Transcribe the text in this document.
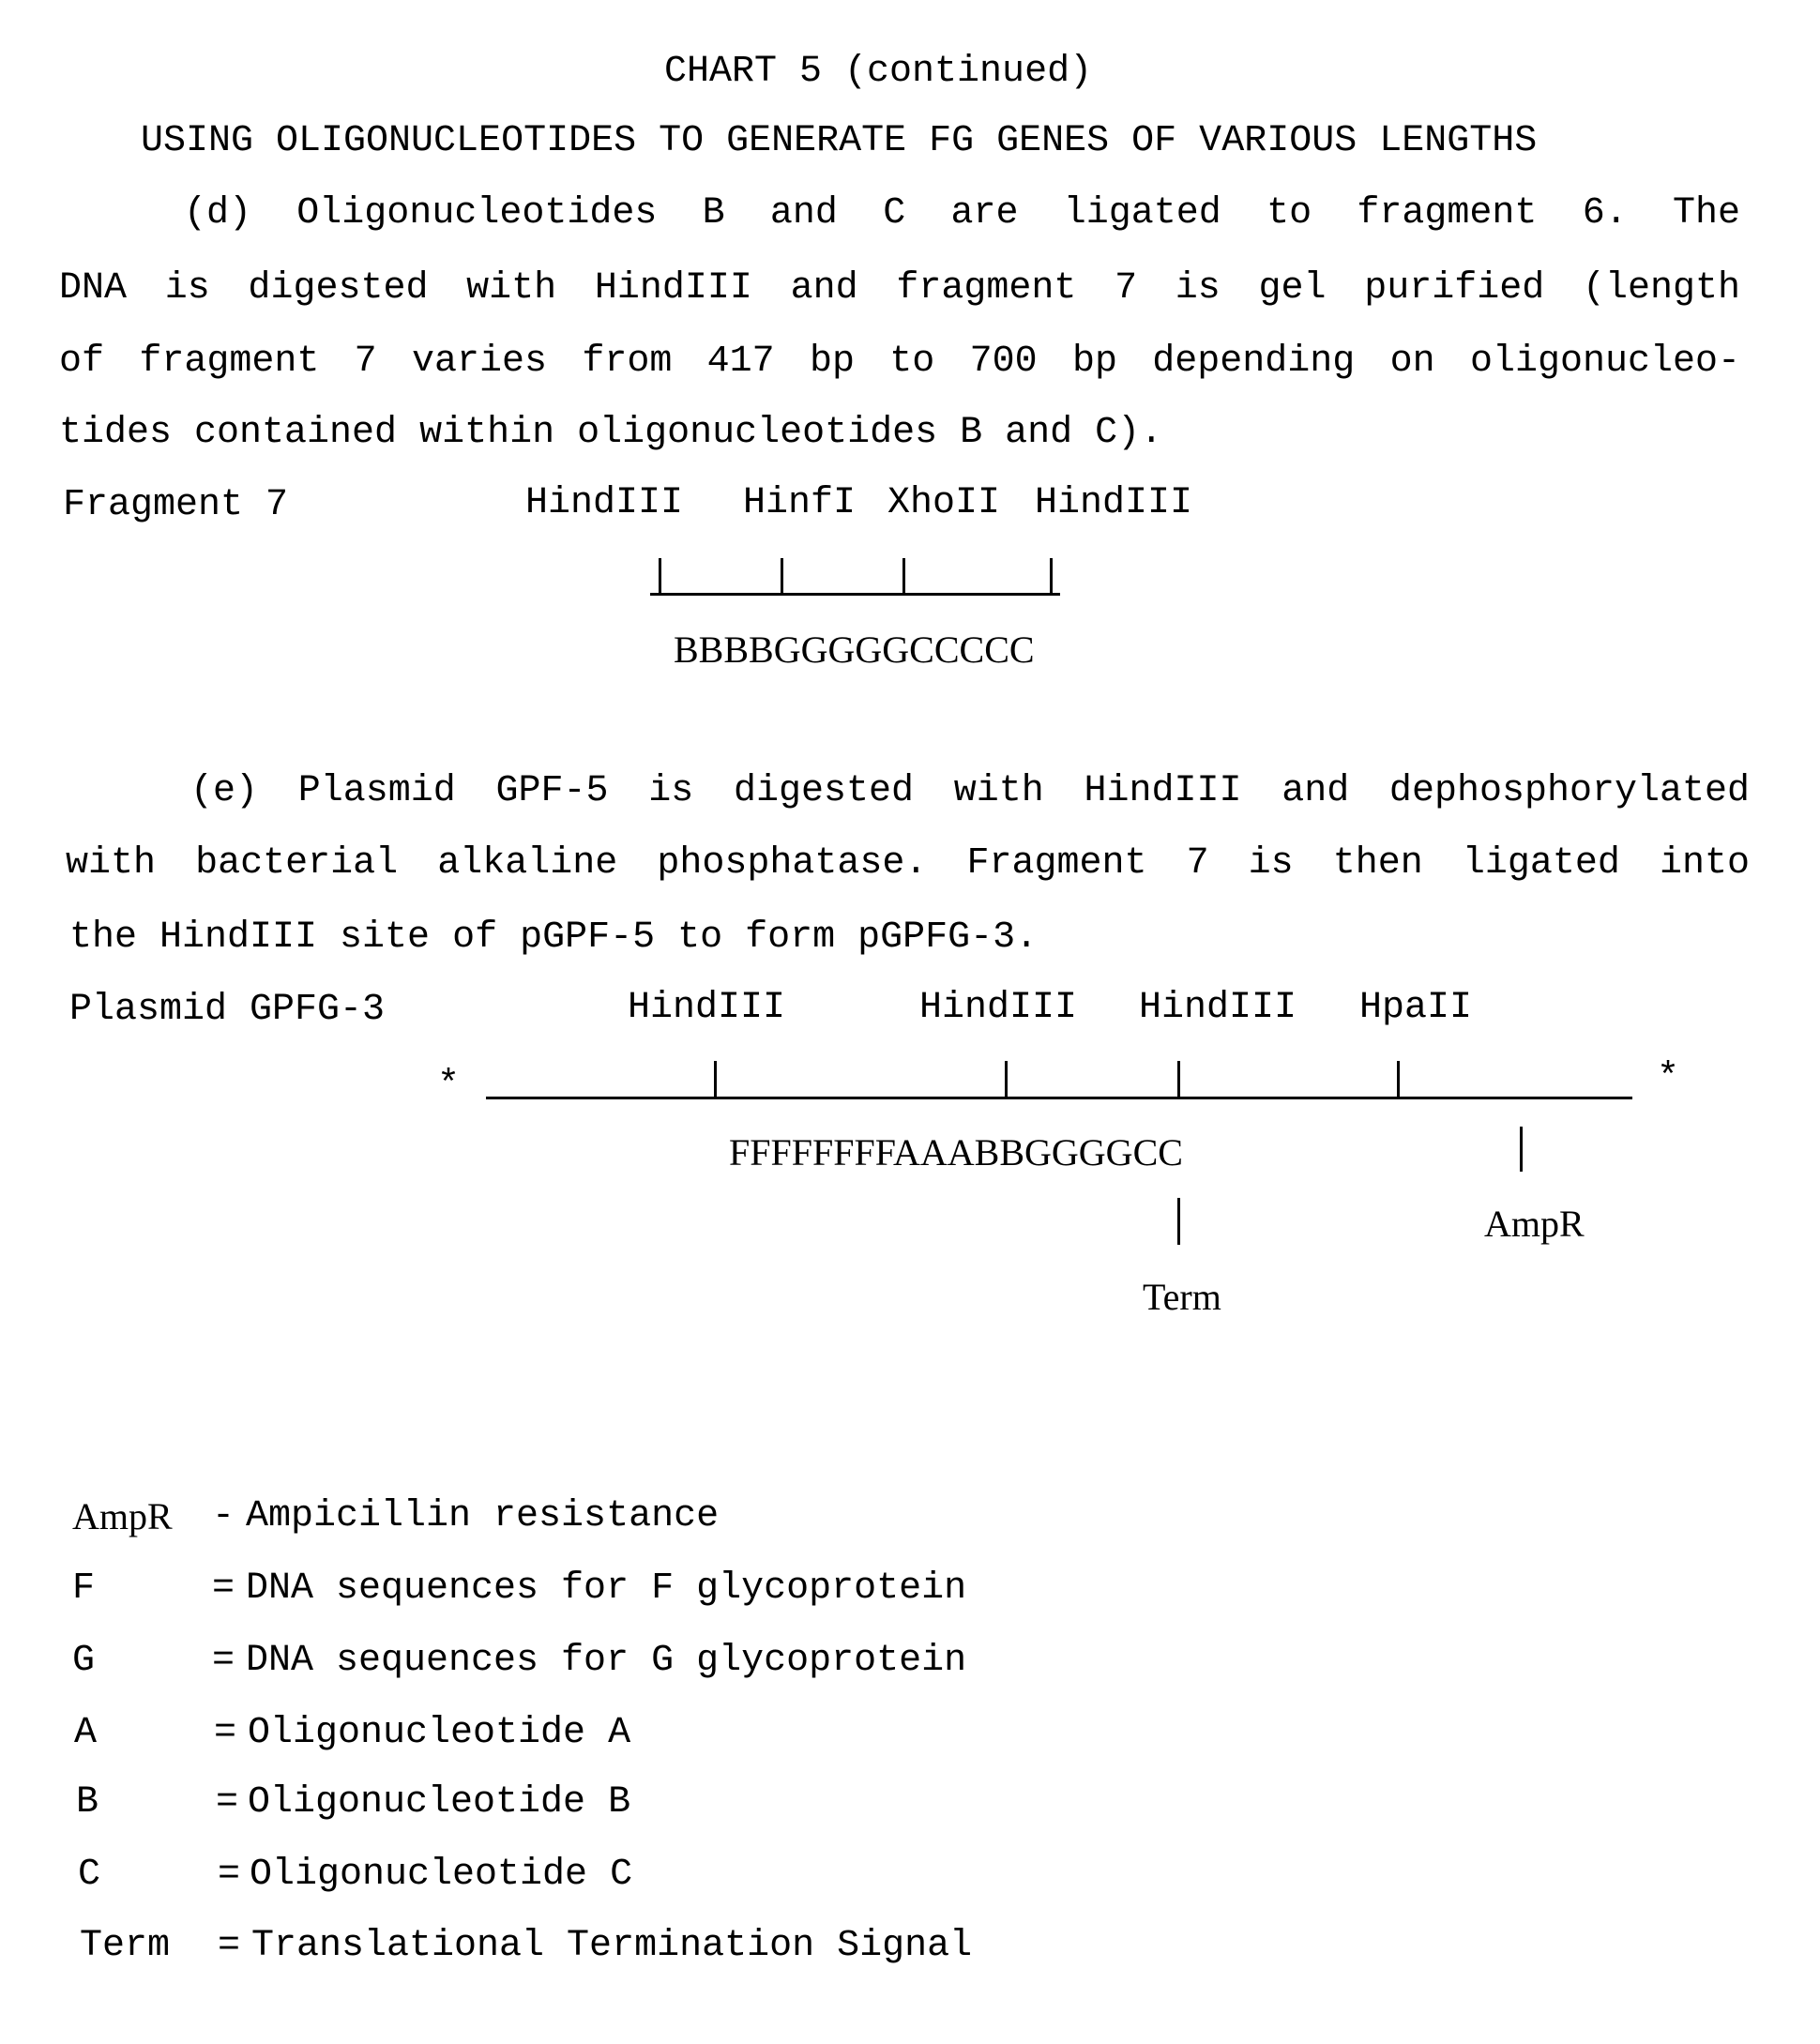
CHART 5 (continued)
USING OLIGONUCLEOTIDES TO GENERATE FG GENES OF VARIOUS LENGTHS
(d) Oligonucleotides B and C are ligated to fragment 6. The
DNA is digested with HindIII and fragment 7 is gel purified (length
of fragment 7 varies from 417 bp to 700 bp depending on oligonucleo-
tides contained within oligonucleotides B and C).
Fragment 7	HindIII HinfI XhoII HindIII
BBBBGGGGGCCCCC
(e) Plasmid GPF-5 is digested with HindIII and dephosphorylated
with bacterial alkaline phosphatase. Fragment 7 is then ligated into
the HindIII site of pGPF-5 to form pGPFG-3.
Plasmid GPFG-3	HindIII	HindIII HindIII HpaII
*	*
FFFFFFFFAAABBGGGGCC
AmpR
Term
AmpR - Ampicillin resistance
F	= DNA sequences for F glycoprotein
G	= DNA sequences for G glycoprotein
A	= Oligonucleotide A
B	= Oligonucleotide B
C	= Oligonucleotide C
Term = Translational Termination Signal
